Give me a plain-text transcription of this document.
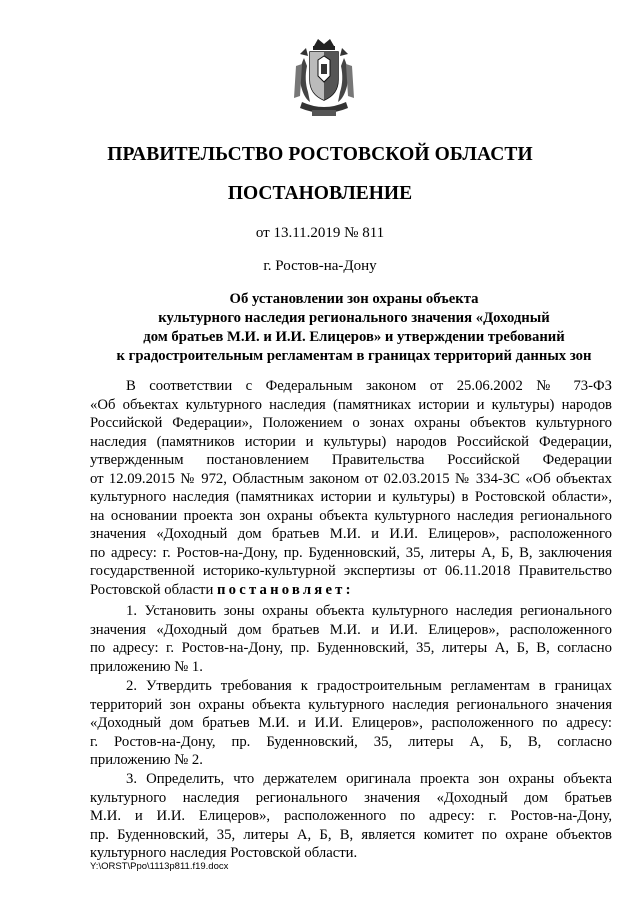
ПРАВИТЕЛЬСТВО РОСТОВСКОЙ ОБЛАСТИ
ПОСТАНОВЛЕНИЕ
от 13.11.2019 № 811
г. Ростов-на-Дону
Об установлении зон охраны объекта
культурного наследия регионального значения «Доходный
дом братьев М.И. и И.И. Елицеров» и утверждении требований
к градостроительным регламентам в границах территорий данных зон
В соответствии с Федеральным законом от 25.06.2002 № 73-ФЗ
«Об объектах культурного наследия (памятниках истории и культуры) народов
Российской Федерации», Положением о зонах охраны объектов культурного
наследия (памятников истории и культуры) народов Российской Федерации,
утвержденным постановлением Правительства Российской Федерации
от 12.09.2015 № 972, Областным законом от 02.03.2015 № 334-ЗС «Об объектах
культурного наследия (памятниках истории и культуры) в Ростовской области»,
на основании проекта зон охраны объекта культурного наследия регионального
значения «Доходный дом братьев М.И. и И.И. Елицеров», расположенного
по адресу: г. Ростов-на-Дону, пр. Буденновский, 35, литеры А, Б, В, заключения
государственной историко-культурной экспертизы от 06.11.2018 Правительство
Ростовской области постановляет:
1. Установить зоны охраны объекта культурного наследия регионального
значения «Доходный дом братьев М.И. и И.И. Елицеров», расположенного
по адресу: г. Ростов-на-Дону, пр. Буденновский, 35, литеры А, Б, В, согласно
приложению № 1.
2. Утвердить требования к градостроительным регламентам в границах
территорий зон охраны объекта культурного наследия регионального значения
«Доходный дом братьев М.И. и И.И. Елицеров», расположенного по адресу:
г. Ростов-на-Дону, пр. Буденновский, 35, литеры А, Б, В, согласно
приложению № 2.
3. Определить, что держателем оригинала проекта зон охраны объекта
культурного наследия регионального значения «Доходный дом братьев
М.И. и И.И. Елицеров», расположенного по адресу: г. Ростов-на-Дону,
пр. Буденновский, 35, литеры А, Б, В, является комитет по охране объектов
культурного наследия Ростовской области.
Y:\ORST\Ppo\1113p811.f19.docx
